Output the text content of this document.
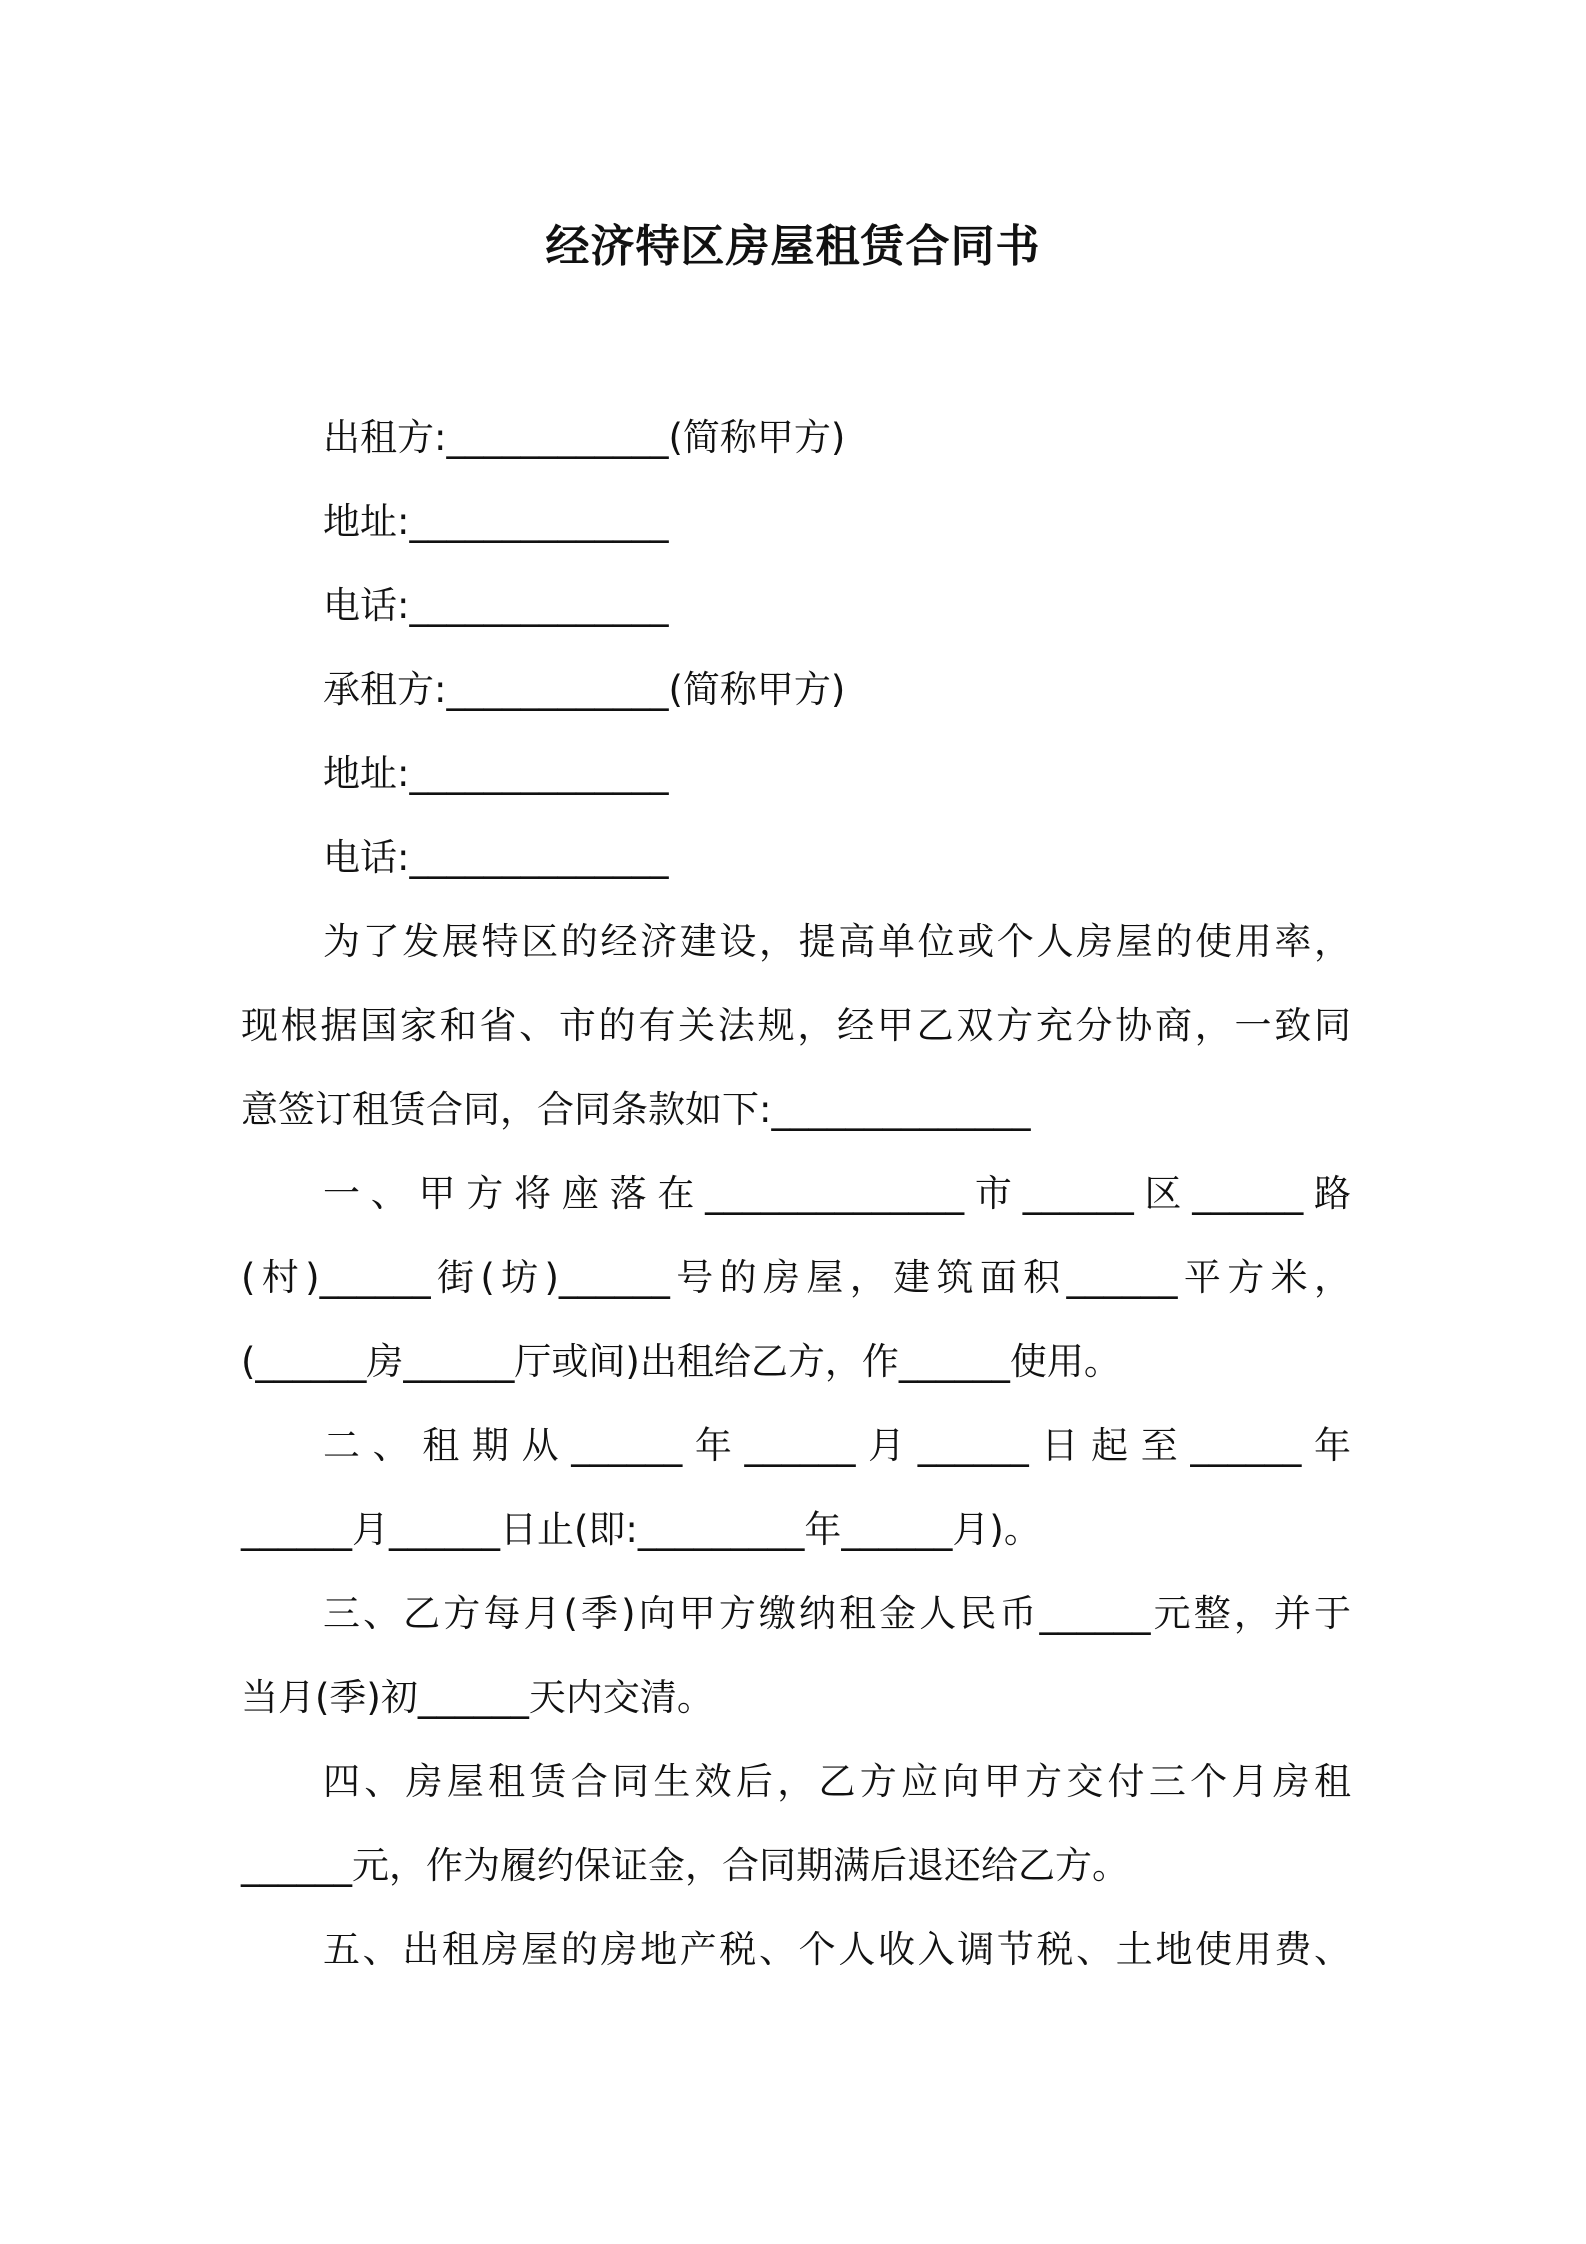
经济特区房屋租赁合同书
出租方:____________(简称甲方)
地址:______________
电话:______________
承租方:____________(简称甲方)
地址:______________
电话:______________
为了发展特区的经济建设，提高单位或个人房屋的使用率，
现根据国家和省、市的有关法规，经甲乙双方充分协商，一致同
意签订租赁合同，合同条款如下:______________
一、甲方将座落在______________市______区______路
(村)______街(坊)______号的房屋，建筑面积______平方米，
(______房______厅或间)出租给乙方，作______使用。
二、租期从______年______月______日起至______年
______月______日止(即:_________年______月)。
三、乙方每月(季)向甲方缴纳租金人民币______元整，并于
当月(季)初______天内交清。
四、房屋租赁合同生效后，乙方应向甲方交付三个月房租
______元，作为履约保证金，合同期满后退还给乙方。
五、出租房屋的房地产税、个人收入调节税、土地使用费、
